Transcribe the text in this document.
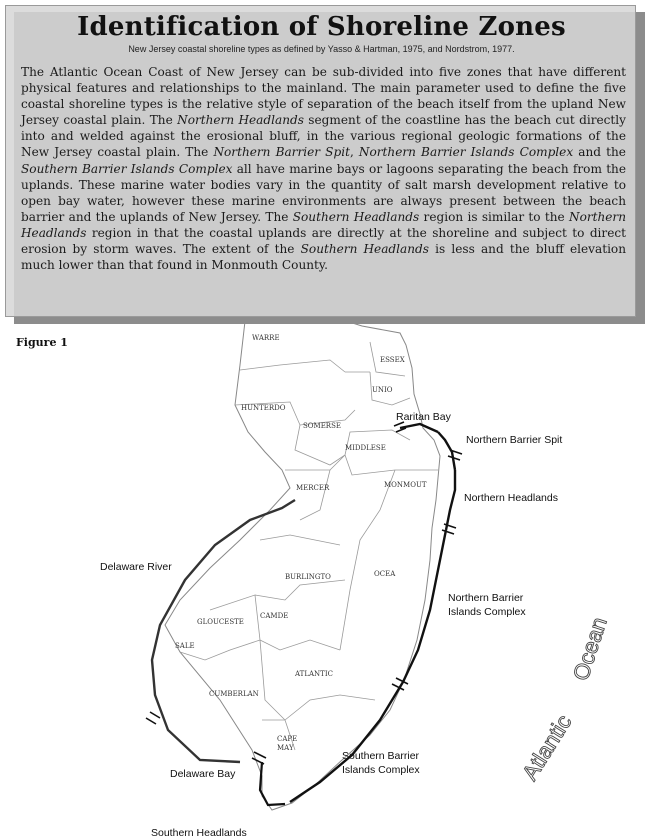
WARRE
ESSEX
UNIO
HUNTERDO
SOMERSE
MIDDLESE
MERCER	MONMOUT
BURLINGTO	OCEA
CAMDE
GLOUCESTE
SALE
ATLANTIC
CUMBERLAN
CAPE
MAY
Raritan Bay
Northern Barrier Spit
Northern Headlands
Northern Barrier
Islands Complex
Southern Barrier
Islands Complex
Southern Headlands
Delaware River
Delaware Bay
Ocean
Atlantic
Identification of Shoreline Zones
New Jersey coastal shoreline types as defined by Yasso & Hartman, 1975, and Nordstrom, 1977.

The Atlantic Ocean Coast of New Jersey can be sub-divided into five zones that have different physical features and relationships to the mainland. The main parameter used to define the five coastal shoreline types is the relative style of separation of the beach itself from the upland New Jersey coastal plain. The Northern Headlands segment of the coastline has the beach cut directly into and welded against the erosional bluff, in the various regional geologic formations of the New Jersey coastal plain. The Northern Barrier Spit, Northern Barrier Islands Complex and the Southern Barrier Islands Complex all have marine bays or lagoons separating the beach from the uplands. These marine water bodies vary in the quantity of salt marsh development relative to open bay water, however these marine environments are always present between the beach barrier and the uplands of New Jersey. The Southern Headlands region is similar to the Northern Headlands region in that the coastal uplands are directly at the shoreline and subject to direct erosion by storm waves. The extent of the Southern Headlands is less and the bluff elevation much lower than that found in Monmouth County.

Figure 1
